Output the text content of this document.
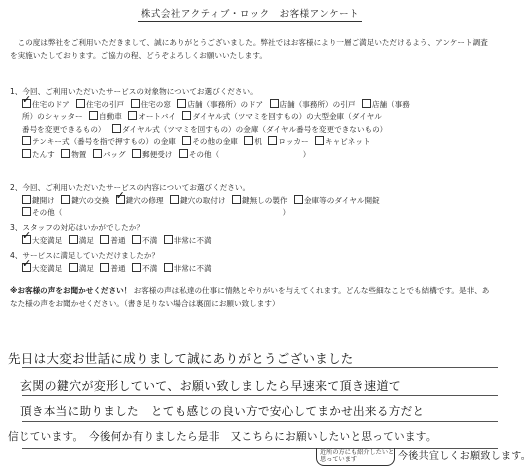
株式会社アクティブ・ロック　お客様アンケート
　この度は弊社をご利用いただきまして、誠にありがとうございました。弊社ではお客様により一層ご満足いただけるよう、アンケート調査を実施いたしております。ご協力の程、どうぞよろしくお願いいたします。
1、今回、ご利用いただいたサービスの対象物についてお選びください。
✓住宅のドア 住宅の引戸 住宅の窓 店舗（事務所）のドア 店舗（事務所）の引戸 店舗（事務
所）のシャッター 自動車 オートバイ ダイヤル式（ツマミを回すもの）の大型金庫（ダイヤル
番号を変更できるもの） ダイヤル式（ツマミを回すもの）の金庫（ダイヤル番号を変更できないもの）
テンキー式（番号を指で押すもの）の金庫 その他の金庫 机 ロッカー キャビネット
たんす 物置 バッグ 郵便受け その他（　　　　　　　　　　　）
2、今回、ご利用いただいたサービスの内容についてお選びください。
鍵開け 鍵穴の交換 ✓ 鍵穴の修理 鍵穴の取付け 鍵無しの製作 金庫等のダイヤル開錠
その他（　　　　　　　　　　　　　　　　　　　　　　　　　　　　　）
3、スタッフの対応はいかがでしたか？
✓大変満足 満足 普通 不満 非常に不満
4、サービスに満足していただけましたか？
✓大変満足 満足 普通 不満 非常に不満
※お客様の声をお聞かせください！ お客様の声は私達の仕事に情熱とやりがいを与えてくれます。どんな些細なことでも結構です。是非、あなた様の声をお聞かせください。（書き足りない場合は裏面にお願い致します）
先日は大変お世話に成りまして誠にありがとうございました
玄関の鍵穴が変形していて、お願い致しましたら早速来て頂き速道て
頂き本当に助りました　とても感じの良い方で安心してまかせ出来る方だと
信じています。　今後何か有りましたら是非　又こちらにお願いしたいと思っています。
近所の方にも紹介したいと
思っています	今後共宜しくお願致します。
